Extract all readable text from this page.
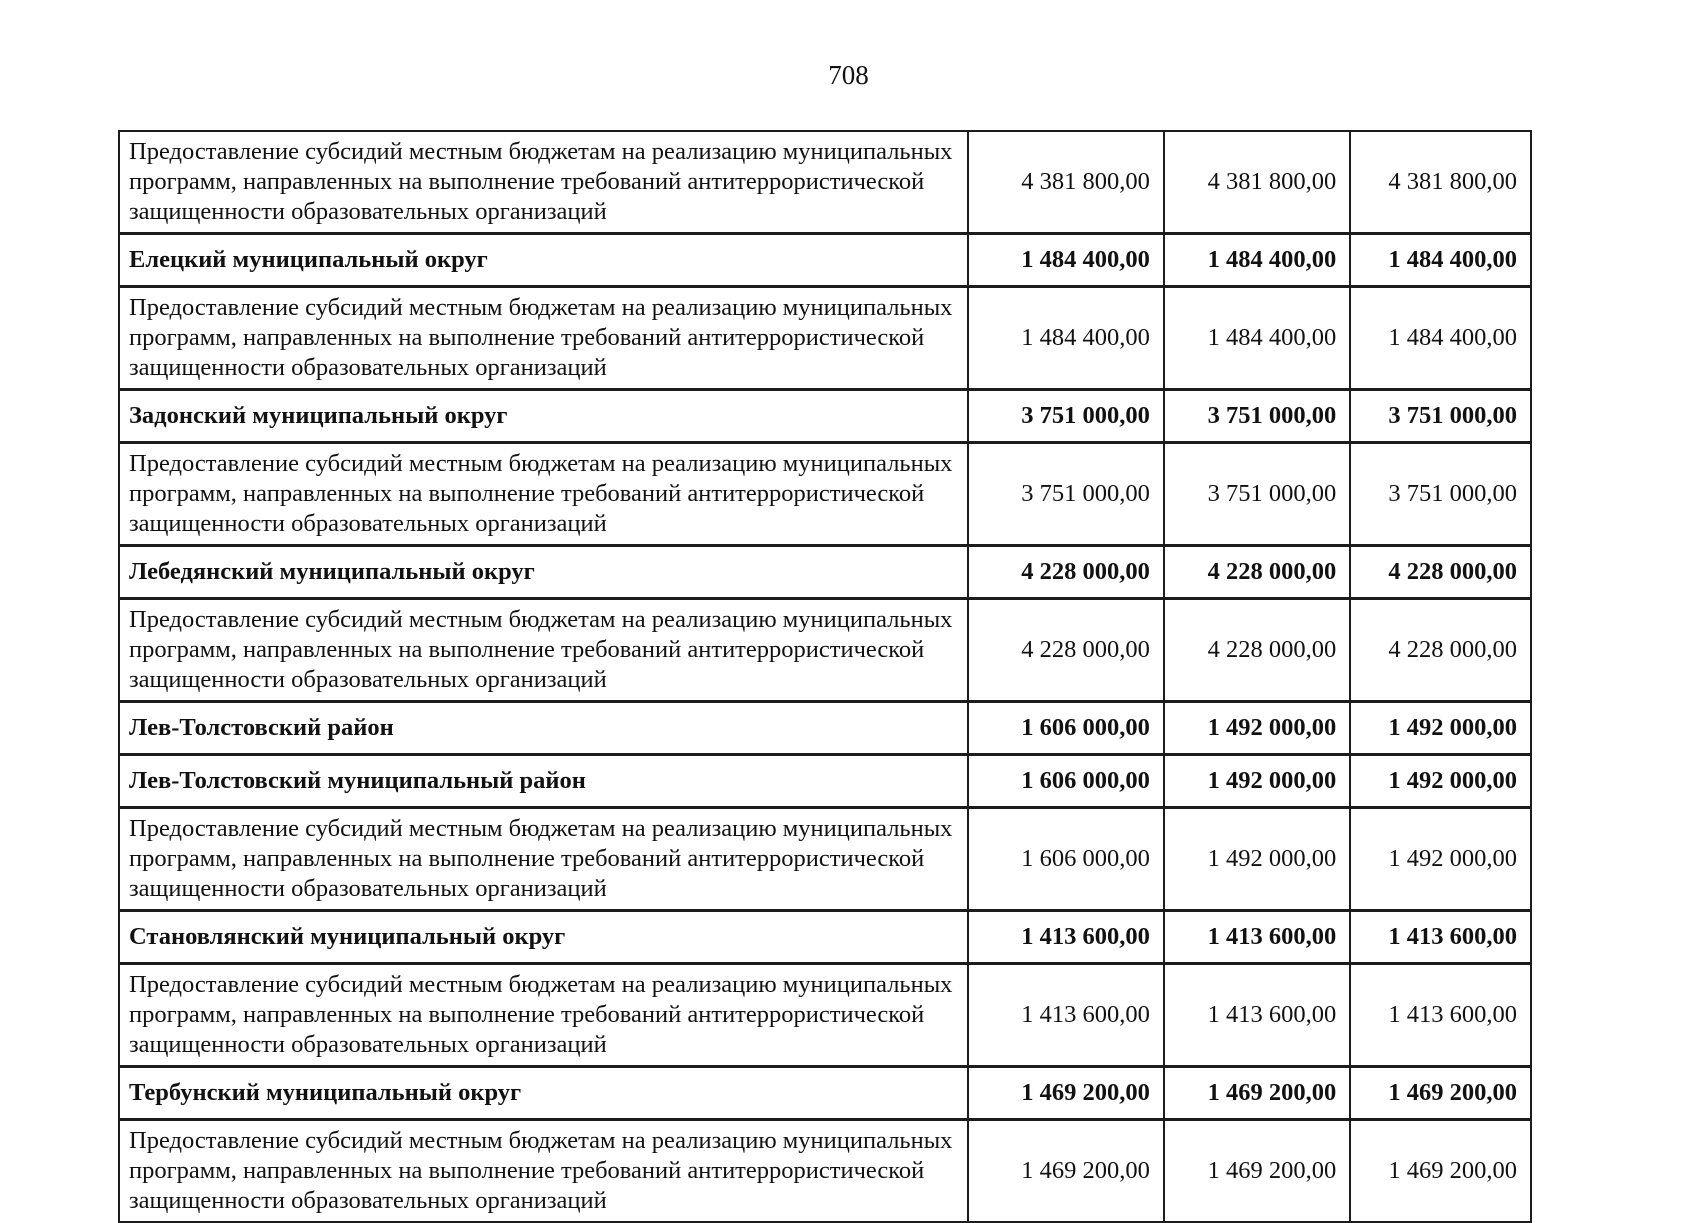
708
Предоставление субсидий местным бюджетам на реализацию муниципальных программ, направленных на выполнение требований антитеррористической защищенности образовательных организаций	4 381 800,00	4 381 800,00	4 381 800,00
Елецкий муниципальный округ	1 484 400,00	1 484 400,00	1 484 400,00
Предоставление субсидий местным бюджетам на реализацию муниципальных программ, направленных на выполнение требований антитеррористической защищенности образовательных организаций	1 484 400,00	1 484 400,00	1 484 400,00
Задонский муниципальный округ	3 751 000,00	3 751 000,00	3 751 000,00
Предоставление субсидий местным бюджетам на реализацию муниципальных программ, направленных на выполнение требований антитеррористической защищенности образовательных организаций	3 751 000,00	3 751 000,00	3 751 000,00
Лебедянский муниципальный округ	4 228 000,00	4 228 000,00	4 228 000,00
Предоставление субсидий местным бюджетам на реализацию муниципальных программ, направленных на выполнение требований антитеррористической защищенности образовательных организаций	4 228 000,00	4 228 000,00	4 228 000,00
Лев-Толстовский район	1 606 000,00	1 492 000,00	1 492 000,00
Лев-Толстовский муниципальный район	1 606 000,00	1 492 000,00	1 492 000,00
Предоставление субсидий местным бюджетам на реализацию муниципальных программ, направленных на выполнение требований антитеррористической защищенности образовательных организаций	1 606 000,00	1 492 000,00	1 492 000,00
Становлянский муниципальный округ	1 413 600,00	1 413 600,00	1 413 600,00
Предоставление субсидий местным бюджетам на реализацию муниципальных программ, направленных на выполнение требований антитеррористической защищенности образовательных организаций	1 413 600,00	1 413 600,00	1 413 600,00
Тербунский муниципальный округ	1 469 200,00	1 469 200,00	1 469 200,00
Предоставление субсидий местным бюджетам на реализацию муниципальных программ, направленных на выполнение требований антитеррористической защищенности образовательных организаций	1 469 200,00	1 469 200,00	1 469 200,00
